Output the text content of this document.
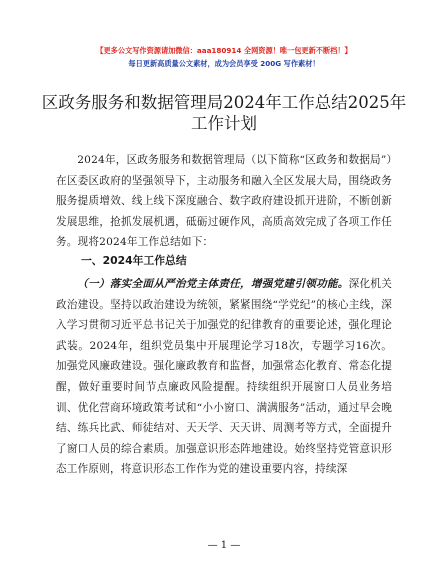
【更多公文写作资源请加微信：aaa180914 全网资源！唯一包更新不断档！】
每日更新高质量公文素材，成为会员享受 200G 写作素材！
区政务服务和数据管理局2024年工作总结2025年工作计划
2024年，区政务服务和数据管理局（以下简称“区政务和数据局”）在区委区政府的坚强领导下，主动服务和融入全区发展大局，围绕政务服务提质增效、线上线下深度融合、数字政府建设抓开进阶，不断创新发展思维，抢抓发展机遇，砥砺过硬作风，高质高效完成了各项工作任务。现将2024年工作总结如下：
一、2024年工作总结
（一）落实全面从严治党主体责任，增强党建引领功能。深化机关政治建设。坚持以政治建设为统领，紧紧围绕“学党纪”的核心主线，深入学习贯彻习近平总书记关于加强党的纪律教育的重要论述，强化理论武装。2024年，组织党员集中开展理论学习18次，专题学习16次。加强党风廉政建设。强化廉政教育和监督，加强常态化教育、常态化提醒，做好重要时间节点廉政风险提醒。持续组织开展窗口人员业务培训、优化营商环境政策考试和“小小窗口、满满服务”活动，通过早会晚结、练兵比武、师徒结对、天天学、天天讲、周测考等方式，全面提升了窗口人员的综合素质。加强意识形态阵地建设。始终坚持党管意识形态工作原则，将意识形态工作作为党的建设重要内容，持续深
— 1 —
